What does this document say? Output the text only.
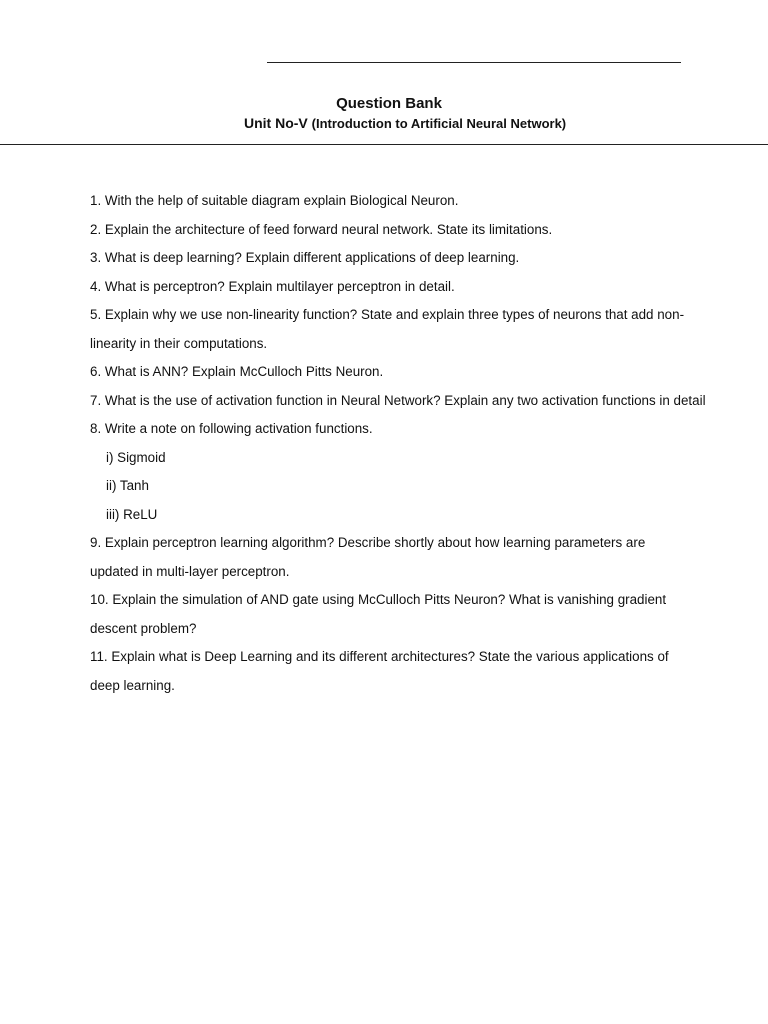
Question Bank
Unit No-V (Introduction to Artificial Neural Network)
1. With the help of suitable diagram explain Biological Neuron.
2. Explain the architecture of feed forward neural network. State its limitations.
3. What is deep learning? Explain different applications of deep learning.
4. What is perceptron? Explain multilayer perceptron in detail.
5. Explain why we use non-linearity function? State and explain three types of neurons that add non-
linearity in their computations.
6. What is ANN? Explain McCulloch Pitts Neuron.
7. What is the use of activation function in Neural Network? Explain any two activation functions in detail
8. Write a note on following activation functions.
i) Sigmoid
ii) Tanh
iii) ReLU
9. Explain perceptron learning algorithm? Describe shortly about how learning parameters are
updated in multi-layer perceptron.
10. Explain the simulation of AND gate using McCulloch Pitts Neuron? What is vanishing gradient
descent problem?
11. Explain what is Deep Learning and its different architectures? State the various applications of
deep learning.
